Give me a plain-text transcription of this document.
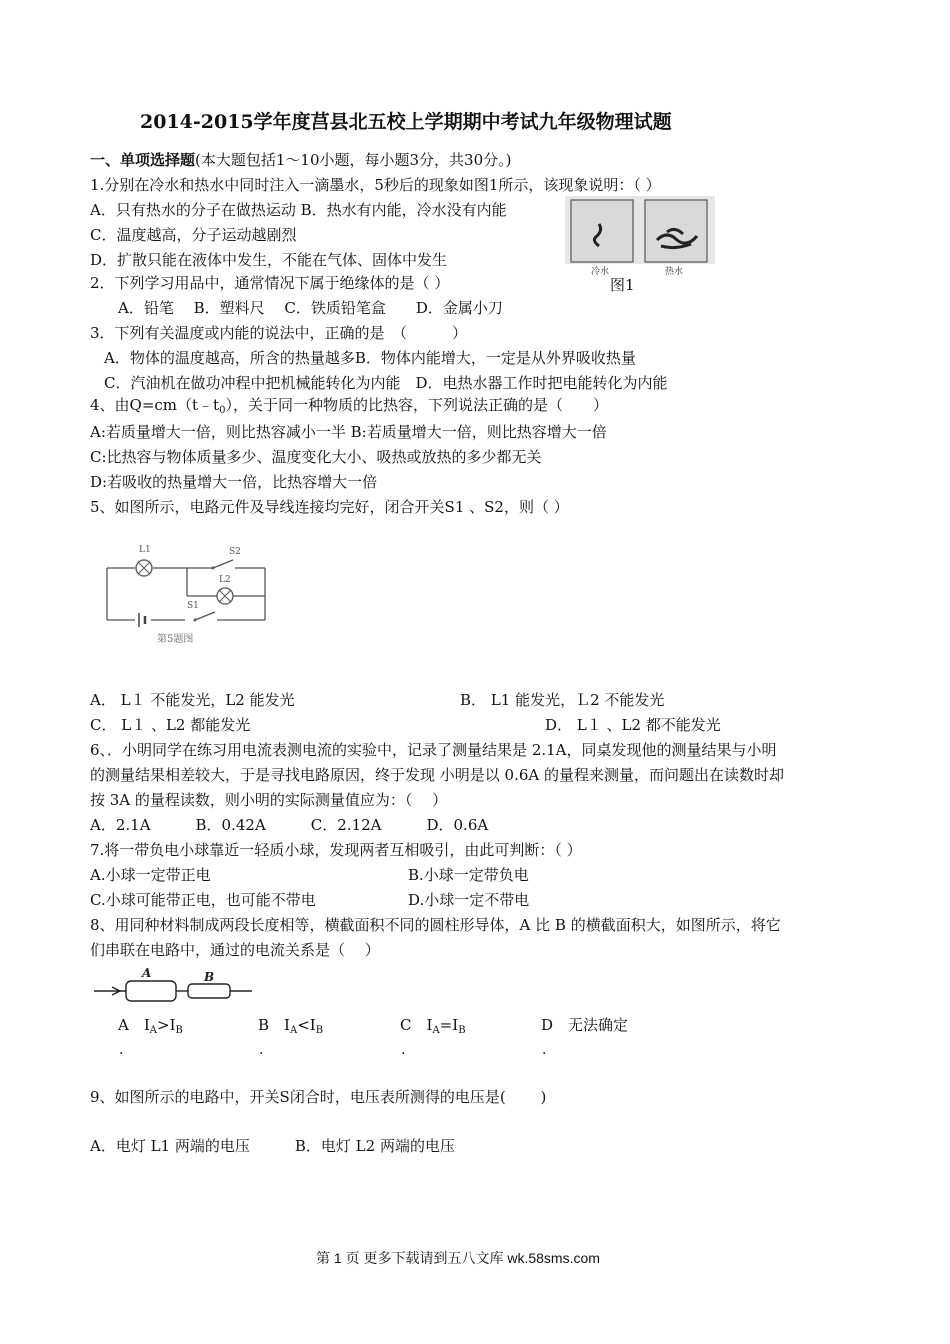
2014-2015学年度莒县北五校上学期期中考试九年级物理试题
一、单项选择题(本大题包括1～10小题，每小题3分，共30分。)
1.分别在冷水和热水中同时注入一滴墨水，5秒后的现象如图1所示，该现象说明：（ ）
A．只有热水的分子在做热运动 B．热水有内能，冷水没有内能
C．温度越高，分子运动越剧烈
D．扩散只能在液体中发生，不能在气体、固体中发生
冷水	热水
图1
2．下列学习用品中，通常情况下属于绝缘体的是（ ）
A．铅笔　 B．塑料尺　 C．铁质铅笔盒　　D．金属小刀
3．下列有关温度或内能的说法中，正确的是　（　　　）
A．物体的温度越高，所含的热量越多B．物体内能增大，一定是从外界吸收热量
C．汽油机在做功冲程中把机械能转化为内能　D．电热水器工作时把电能转化为内能
4、由$Q=cm(t﹣t_0)$，关于同一种物质的比热容，下列说法正确的是（　　）
A:若质量增大一倍，则比热容减小一半 B:若质量增大一倍，则比热容增大一倍
C:比热容与物体质量多少、温度变化大小、吸热或放热的多少都无关
D:若吸收的热量增大一倍，比热容增大一倍
5、如图所示，电路元件及导线连接均完好，闭合开关S1 、S2，则（ ）
L1	S2
L2
S1
第5题图
A． L１ 不能发光，L2 能发光	B． L1 能发光，Ｌ2 不能发光
C． L１ 、L2 都能发光	D． L１ 、L2 都不能发光
6、．小明同学在练习用电流表测电流的实验中，记录了测量结果是 2.1A，同桌发现他的测量结果与小明
的测量结果相差较大，于是寻找电路原因，终于发现 小明是以 0.6A 的量程来测量，而问题出在读数时却
按 3A 的量程读数，则小明的实际测量值应为：（　 ）
A．2.1A　　　B．0.42A　　　C．2.12A　　　D．0.6A
7.将一带负电小球靠近一轻质小球，发现两者互相吸引，由此可判断：（ ）
A.小球一定带正电	B.小球一定带负电
C.小球可能带正电，也可能不带电	D.小球一定不带电
8、用同种材料制成两段长度相等，横截面积不同的圆柱形导体，A 比 B 的横截面积大，如图所示，将它
们串联在电路中，通过的电流关系是（　 ）
A	B
A　 $I_A>I_B$	B　 $I_A<I_B$	C　 $I_A=I_B$	D　无法确定
.	.	.	.
9、如图所示的电路中，开关S闭合时，电压表所测得的电压是(　　 )
A．电灯 L1 两端的电压　　　B．电灯 L2 两端的电压
第 1 页 更多下载请到五八文库 wk.58sms.com
